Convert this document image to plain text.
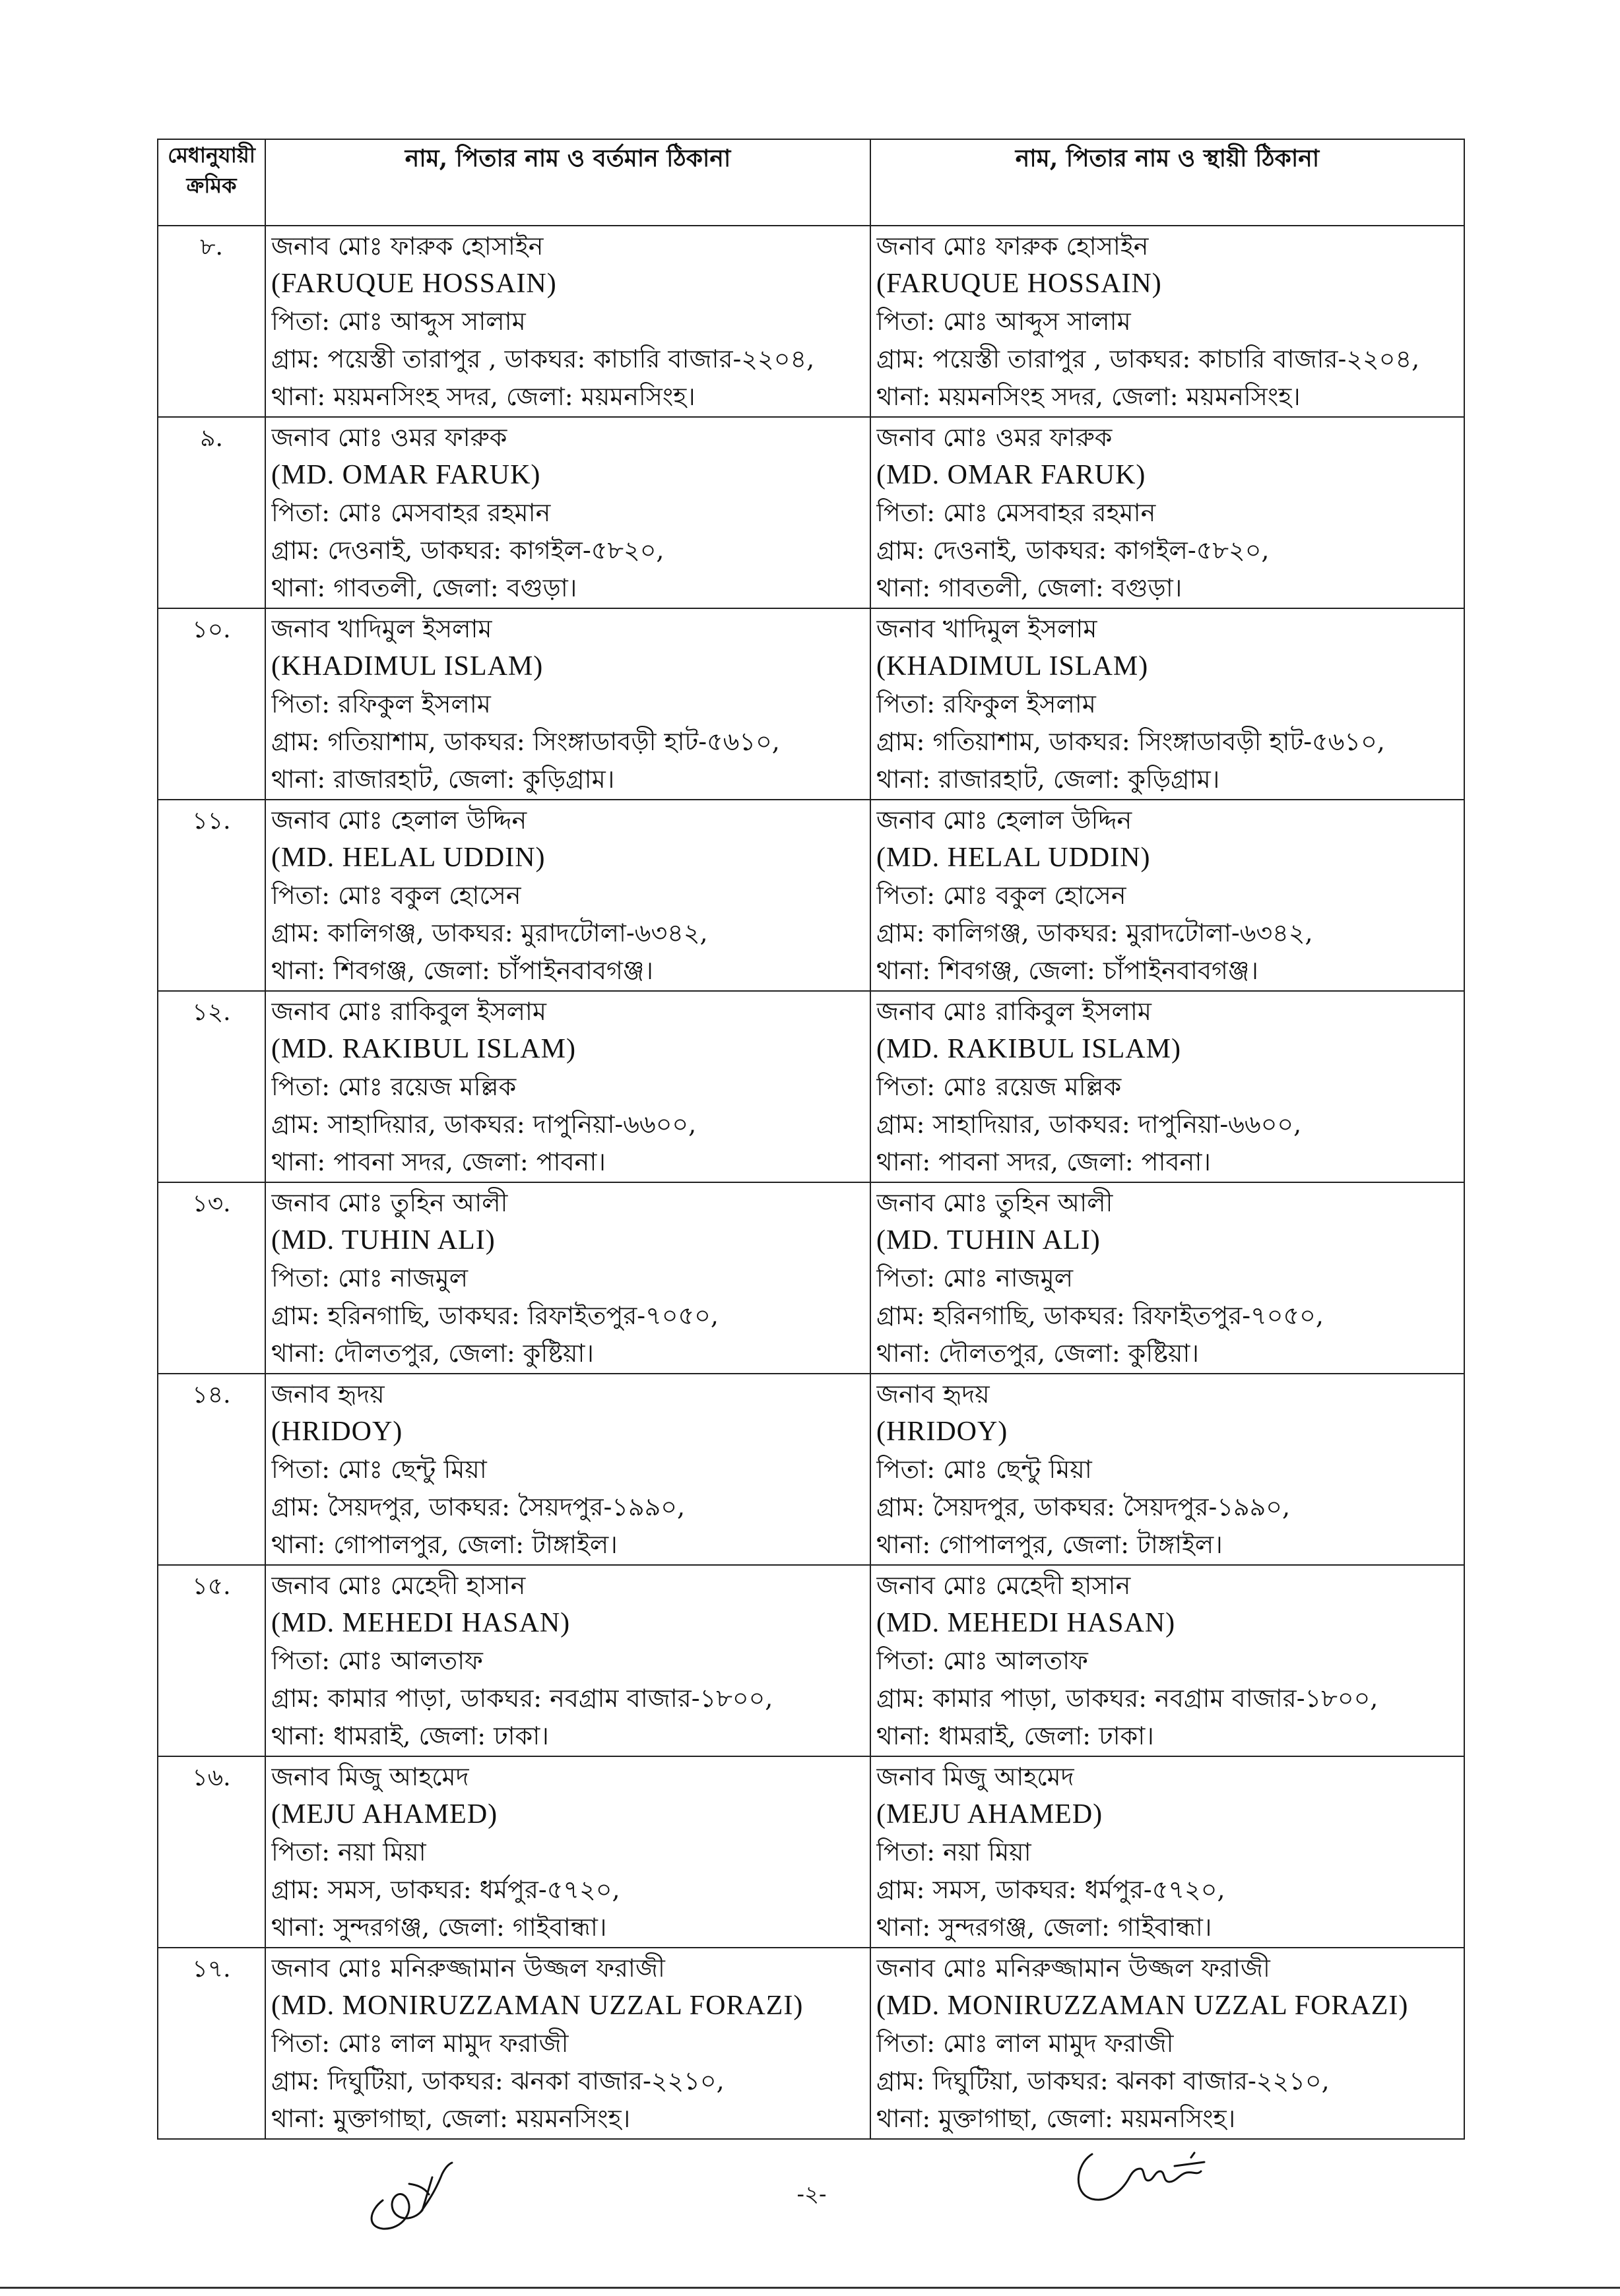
মেধানুযায়ী ক্রমিক	নাম, পিতার নাম ও বর্তমান ঠিকানা	নাম, পিতার নাম ও স্থায়ী ঠিকানা
৮.	জনাব মোঃ ফারুক হোসাইন
(FARUQUE HOSSAIN)
পিতা: মোঃ আব্দুস সালাম
গ্রাম: পয়েস্তী তারাপুর , ডাকঘর: কাচারি বাজার-২২০৪,
থানা: ময়মনসিংহ সদর, জেলা: ময়মনসিংহ।	জনাব মোঃ ফারুক হোসাইন
(FARUQUE HOSSAIN)
পিতা: মোঃ আব্দুস সালাম
গ্রাম: পয়েস্তী তারাপুর , ডাকঘর: কাচারি বাজার-২২০৪,
থানা: ময়মনসিংহ সদর, জেলা: ময়মনসিংহ।

৯.	জনাব মোঃ ওমর ফারুক
(MD. OMAR FARUK)
পিতা: মোঃ মেসবাহর রহমান
গ্রাম: দেওনাই, ডাকঘর: কাগইল-৫৮২০,
থানা: গাবতলী, জেলা: বগুড়া।	জনাব মোঃ ওমর ফারুক
(MD. OMAR FARUK)
পিতা: মোঃ মেসবাহর রহমান
গ্রাম: দেওনাই, ডাকঘর: কাগইল-৫৮২০,
থানা: গাবতলী, জেলা: বগুড়া।

১০.	জনাব খাদিমুল ইসলাম
(KHADIMUL ISLAM)
পিতা: রফিকুল ইসলাম
গ্রাম: গতিয়াশাম, ডাকঘর: সিংঙ্গাডাবড়ী হাট-৫৬১০,
থানা: রাজারহাট, জেলা: কুড়িগ্রাম।	জনাব খাদিমুল ইসলাম
(KHADIMUL ISLAM)
পিতা: রফিকুল ইসলাম
গ্রাম: গতিয়াশাম, ডাকঘর: সিংঙ্গাডাবড়ী হাট-৫৬১০,
থানা: রাজারহাট, জেলা: কুড়িগ্রাম।

১১.	জনাব মোঃ হেলাল উদ্দিন
(MD. HELAL UDDIN)
পিতা: মোঃ বকুল হোসেন
গ্রাম: কালিগঞ্জ, ডাকঘর: মুরাদটোলা-৬৩৪২,
থানা: শিবগঞ্জ, জেলা: চাঁপাইনবাবগঞ্জ।	জনাব মোঃ হেলাল উদ্দিন
(MD. HELAL UDDIN)
পিতা: মোঃ বকুল হোসেন
গ্রাম: কালিগঞ্জ, ডাকঘর: মুরাদটোলা-৬৩৪২,
থানা: শিবগঞ্জ, জেলা: চাঁপাইনবাবগঞ্জ।

১২.	জনাব মোঃ রাকিবুল ইসলাম
(MD. RAKIBUL ISLAM)
পিতা: মোঃ রয়েজ মল্লিক
গ্রাম: সাহাদিয়ার, ডাকঘর: দাপুনিয়া-৬৬০০,
থানা: পাবনা সদর, জেলা: পাবনা।	জনাব মোঃ রাকিবুল ইসলাম
(MD. RAKIBUL ISLAM)
পিতা: মোঃ রয়েজ মল্লিক
গ্রাম: সাহাদিয়ার, ডাকঘর: দাপুনিয়া-৬৬০০,
থানা: পাবনা সদর, জেলা: পাবনা।

১৩.	জনাব মোঃ তুহিন আলী
(MD. TUHIN ALI)
পিতা: মোঃ নাজমুল
গ্রাম: হরিনগাছি, ডাকঘর: রিফাইতপুর-৭০৫০,
থানা: দৌলতপুর, জেলা: কুষ্টিয়া।	জনাব মোঃ তুহিন আলী
(MD. TUHIN ALI)
পিতা: মোঃ নাজমুল
গ্রাম: হরিনগাছি, ডাকঘর: রিফাইতপুর-৭০৫০,
থানা: দৌলতপুর, জেলা: কুষ্টিয়া।

১৪.	জনাব হৃদয়
(HRIDOY)
পিতা: মোঃ ছেন্টু মিয়া
গ্রাম: সৈয়দপুর, ডাকঘর: সৈয়দপুর-১৯৯০,
থানা: গোপালপুর, জেলা: টাঙ্গাইল।	জনাব হৃদয়
(HRIDOY)
পিতা: মোঃ ছেন্টু মিয়া
গ্রাম: সৈয়দপুর, ডাকঘর: সৈয়দপুর-১৯৯০,
থানা: গোপালপুর, জেলা: টাঙ্গাইল।

১৫.	জনাব মোঃ মেহেদী হাসান
(MD. MEHEDI HASAN)
পিতা: মোঃ আলতাফ
গ্রাম: কামার পাড়া, ডাকঘর: নবগ্রাম বাজার-১৮০০,
থানা: ধামরাই, জেলা: ঢাকা।	জনাব মোঃ মেহেদী হাসান
(MD. MEHEDI HASAN)
পিতা: মোঃ আলতাফ
গ্রাম: কামার পাড়া, ডাকঘর: নবগ্রাম বাজার-১৮০০,
থানা: ধামরাই, জেলা: ঢাকা।

১৬.	জনাব মিজু আহমেদ
(MEJU AHAMED)
পিতা: নয়া মিয়া
গ্রাম: সমস, ডাকঘর: ধর্মপুর-৫৭২০,
থানা: সুন্দরগঞ্জ, জেলা: গাইবান্ধা।	জনাব মিজু আহমেদ
(MEJU AHAMED)
পিতা: নয়া মিয়া
গ্রাম: সমস, ডাকঘর: ধর্মপুর-৫৭২০,
থানা: সুন্দরগঞ্জ, জেলা: গাইবান্ধা।

১৭.	জনাব মোঃ মনিরুজ্জামান উজ্জল ফরাজী
(MD. MONIRUZZAMAN UZZAL FORAZI)
পিতা: মোঃ লাল মামুদ ফরাজী
গ্রাম: দিঘুটিয়া, ডাকঘর: ঝনকা বাজার-২২১০,
থানা: মুক্তাগাছা, জেলা: ময়মনসিংহ।	জনাব মোঃ মনিরুজ্জামান উজ্জল ফরাজী
(MD. MONIRUZZAMAN UZZAL FORAZI)
পিতা: মোঃ লাল মামুদ ফরাজী
গ্রাম: দিঘুটিয়া, ডাকঘর: ঝনকা বাজার-২২১০,
থানা: মুক্তাগাছা, জেলা: ময়মনসিংহ।
-২-
